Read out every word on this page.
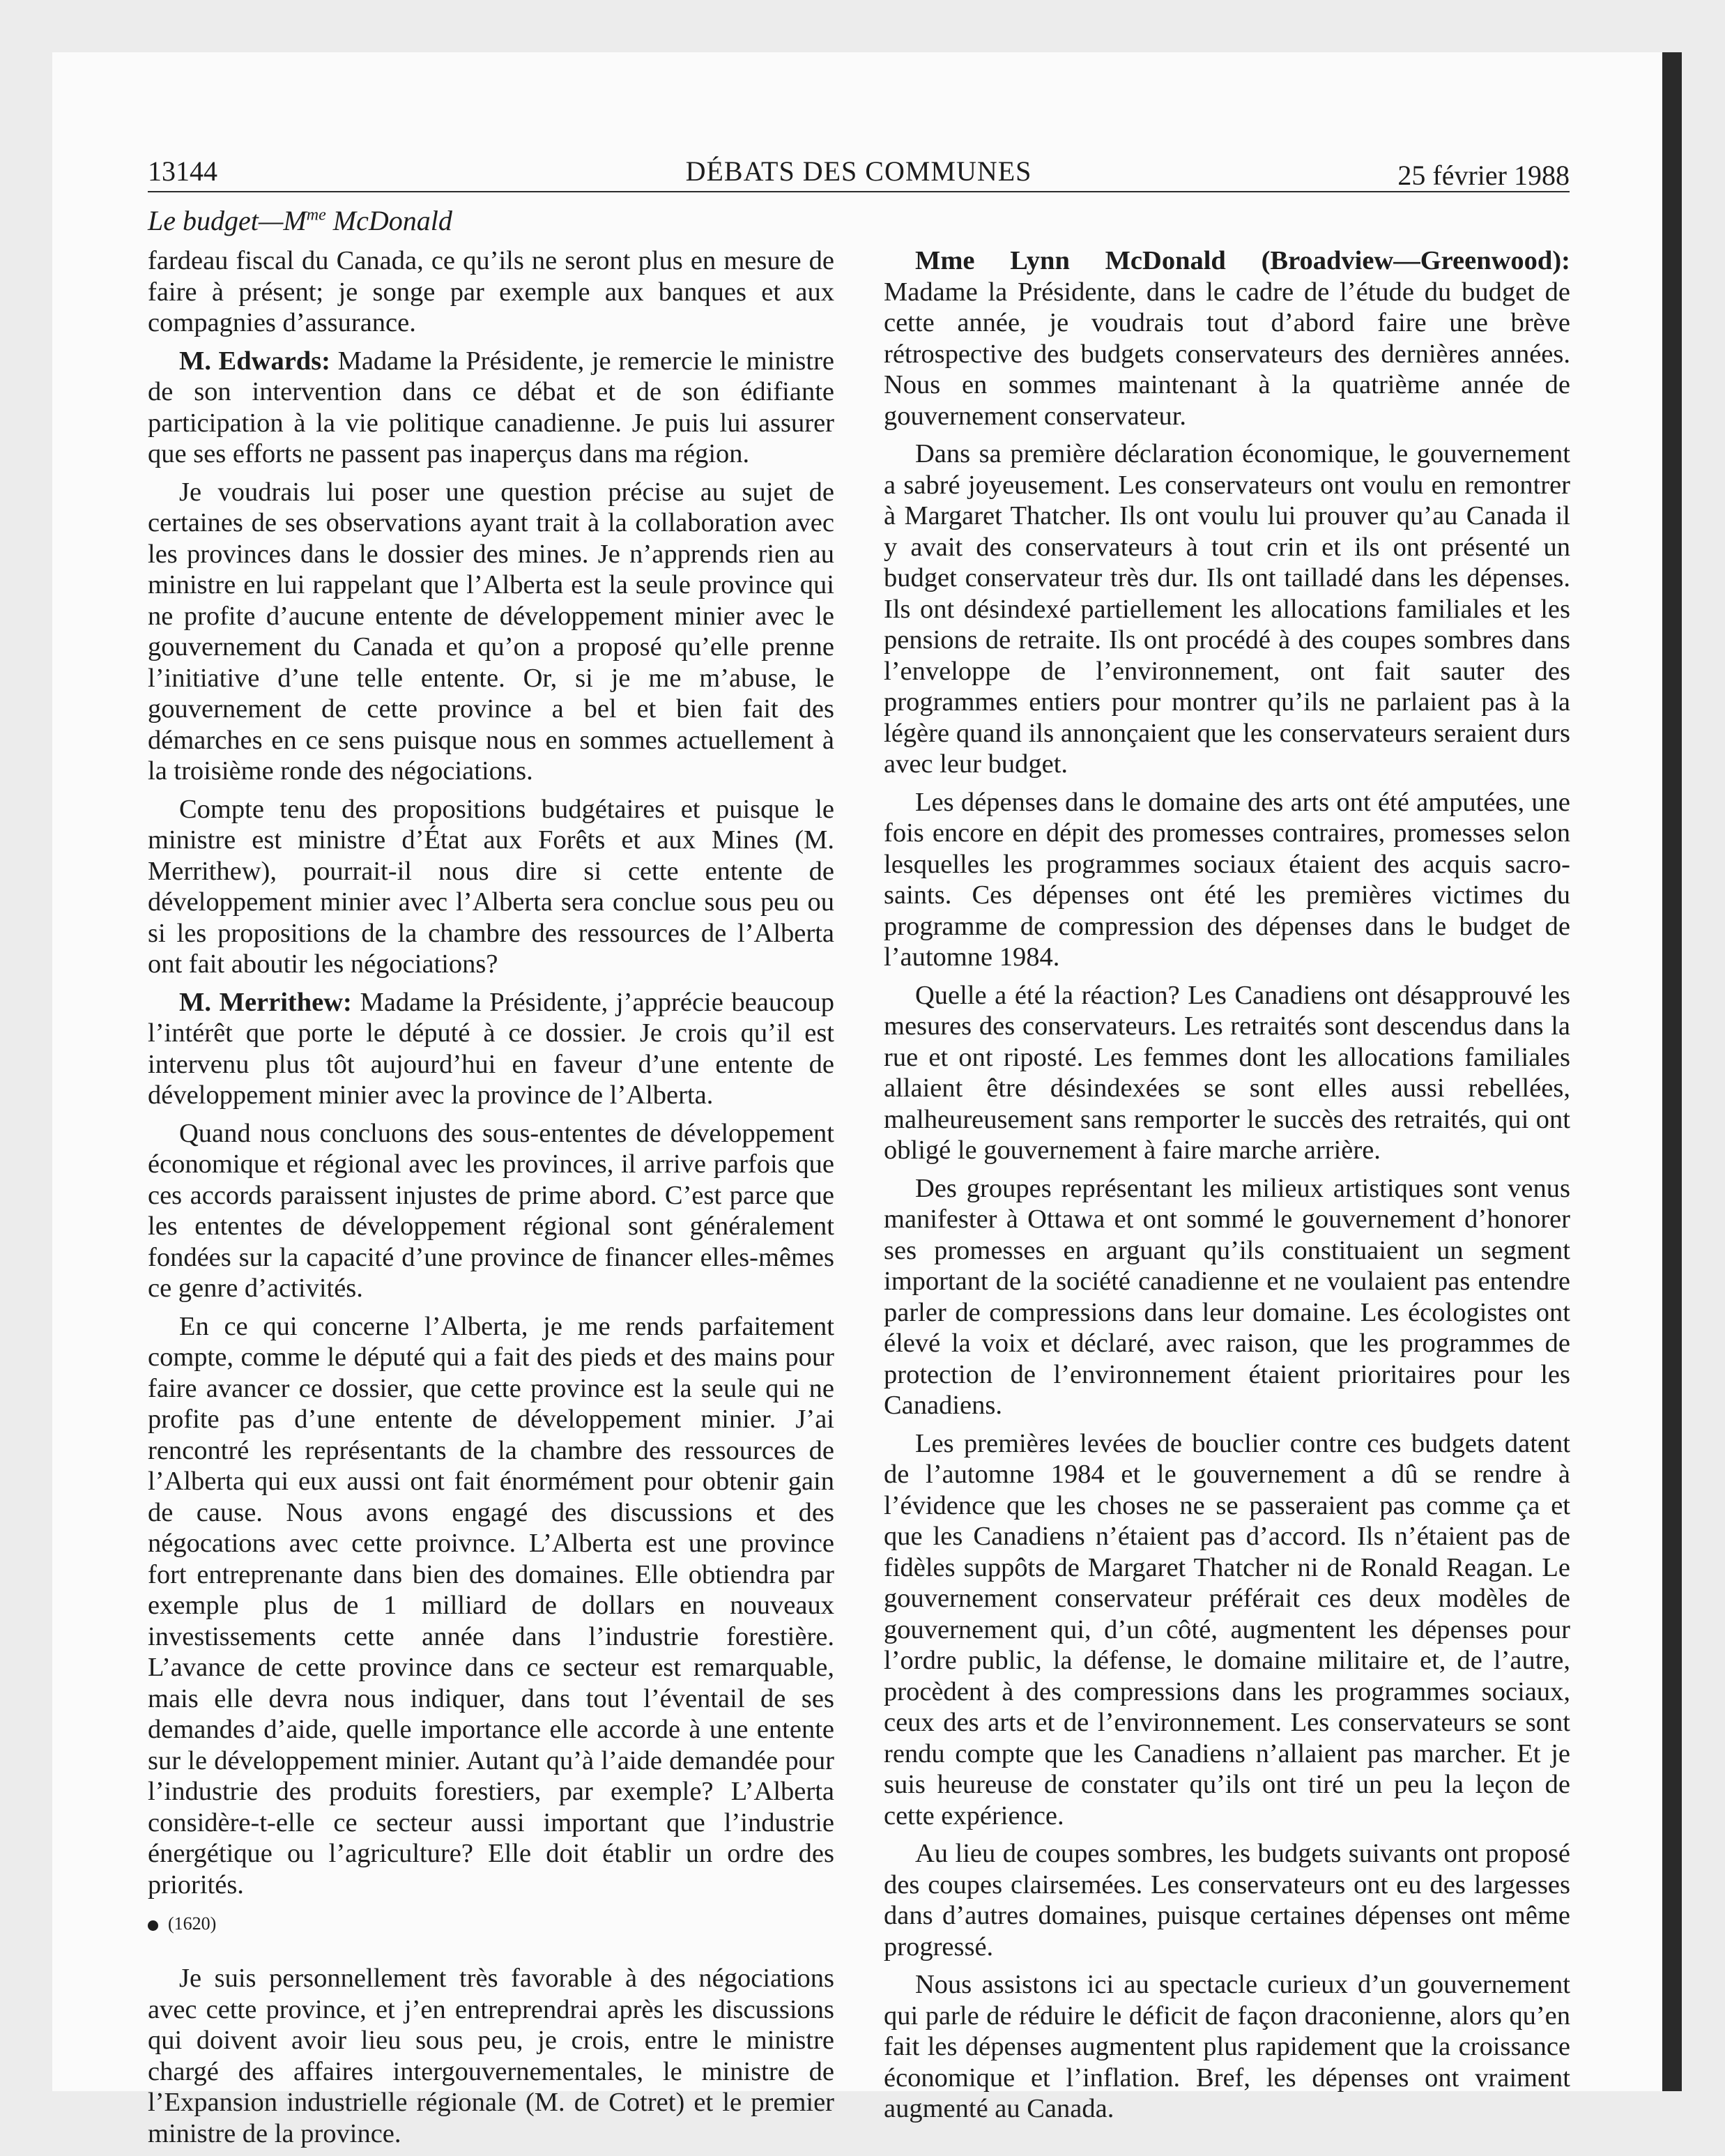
13144	DÉBATS DES COMMUNES	25 février 1988
Le $budget—M^{me}$ McDonald

fardeau fiscal du Canada, ce qu’ils ne seront plus en mesure de faire à présent; je songe par exemple aux banques et aux compagnies d’assurance.

M. Edwards: Madame la Présidente, je remercie le ministre de son intervention dans ce débat et de son édifiante participation à la vie politique canadienne. Je puis lui assurer que ses efforts ne passent pas inaperçus dans ma région.

Je voudrais lui poser une question précise au sujet de certaines de ses observations ayant trait à la collaboration avec les provinces dans le dossier des mines. Je n’apprends rien au ministre en lui rappelant que l’Alberta est la seule province qui ne profite d’aucune entente de développement minier avec le gouvernement du Canada et qu’on a proposé qu’elle prenne l’initiative d’une telle entente. Or, si je me m’abuse, le gouvernement de cette province a bel et bien fait des démarches en ce sens puisque nous en sommes actuellement à la troisième ronde des négociations.

Compte tenu des propositions budgétaires et puisque le ministre est ministre d’État aux Forêts et aux Mines (M. Merrithew), pourrait-il nous dire si cette entente de développement minier avec l’Alberta sera conclue sous peu ou si les propositions de la chambre des ressources de l’Alberta ont fait aboutir les négociations?

M. Merrithew: Madame la Présidente, j’apprécie beaucoup l’intérêt que porte le député à ce dossier. Je crois qu’il est intervenu plus tôt aujourd’hui en faveur d’une entente de développement minier avec la province de l’Alberta.

Quand nous concluons des sous-ententes de développement économique et régional avec les provinces, il arrive parfois que ces accords paraissent injustes de prime abord. C’est parce que les ententes de développement régional sont généralement fondées sur la capacité d’une province de financer elles-mêmes ce genre d’activités.

En ce qui concerne l’Alberta, je me rends parfaitement compte, comme le député qui a fait des pieds et des mains pour faire avancer ce dossier, que cette province est la seule qui ne profite pas d’une entente de développement minier. J’ai rencontré les représentants de la chambre des ressources de l’Alberta qui eux aussi ont fait énormément pour obtenir gain de cause. Nous avons engagé des discussions et des négocations avec cette proivnce. L’Alberta est une province fort entreprenante dans bien des domaines. Elle obtiendra par exemple plus de 1 milliard de dollars en nouveaux investissements cette année dans l’industrie forestière. L’avance de cette province dans ce secteur est remarquable, mais elle devra nous indiquer, dans tout l’éventail de ses demandes d’aide, quelle importance elle accorde à une entente sur le développement minier. Autant qu’à l’aide demandée pour l’industrie des produits forestiers, par exemple? L’Alberta considère-t-elle ce secteur aussi important que l’industrie énergétique ou l’agriculture? Elle doit établir un ordre des priorités.

(1620)

Je suis personnellement très favorable à des négociations avec cette province, et j’en entreprendrai après les discussions qui doivent avoir lieu sous peu, je crois, entre le ministre chargé des affaires intergouvernementales, le ministre de l’Expansion industrielle régionale (M. de Cotret) et le premier ministre de la province.

Mme Lynn McDonald (Broadview—Greenwood): Madame la Présidente, dans le cadre de l’étude du budget de cette année, je voudrais tout d’abord faire une brève rétrospective des budgets conservateurs des dernières années. Nous en sommes maintenant à la quatrième année de gouvernement conservateur.

Dans sa première déclaration économique, le gouvernement a sabré joyeusement. Les conservateurs ont voulu en remontrer à Margaret Thatcher. Ils ont voulu lui prouver qu’au Canada il y avait des conservateurs à tout crin et ils ont présenté un budget conservateur très dur. Ils ont tailladé dans les dépenses. Ils ont désindexé partiellement les allocations familiales et les pensions de retraite. Ils ont procédé à des coupes sombres dans l’enveloppe de l’environnement, ont fait sauter des programmes entiers pour montrer qu’ils ne parlaient pas à la légère quand ils annonçaient que les conservateurs seraient durs avec leur budget.

Les dépenses dans le domaine des arts ont été amputées, une fois encore en dépit des promesses contraires, promesses selon lesquelles les programmes sociaux étaient des acquis sacro-saints. Ces dépenses ont été les premières victimes du programme de compression des dépenses dans le budget de l’automne 1984.

Quelle a été la réaction? Les Canadiens ont désapprouvé les mesures des conservateurs. Les retraités sont descendus dans la rue et ont riposté. Les femmes dont les allocations familiales allaient être désindexées se sont elles aussi rebellées, malheureusement sans remporter le succès des retraités, qui ont obligé le gouvernement à faire marche arrière.

Des groupes représentant les milieux artistiques sont venus manifester à Ottawa et ont sommé le gouvernement d’honorer ses promesses en arguant qu’ils constituaient un segment important de la société canadienne et ne voulaient pas entendre parler de compressions dans leur domaine. Les écologistes ont élevé la voix et déclaré, avec raison, que les programmes de protection de l’environnement étaient prioritaires pour les Canadiens.

Les premières levées de bouclier contre ces budgets datent de l’automne 1984 et le gouvernement a dû se rendre à l’évidence que les choses ne se passeraient pas comme ça et que les Canadiens n’étaient pas d’accord. Ils n’étaient pas de fidèles suppôts de Margaret Thatcher ni de Ronald Reagan. Le gouvernement conservateur préférait ces deux modèles de gouvernement qui, d’un côté, augmentent les dépenses pour l’ordre public, la défense, le domaine militaire et, de l’autre, procèdent à des compressions dans les programmes sociaux, ceux des arts et de l’environnement. Les conservateurs se sont rendu compte que les Canadiens n’allaient pas marcher. Et je suis heureuse de constater qu’ils ont tiré un peu la leçon de cette expérience.

Au lieu de coupes sombres, les budgets suivants ont proposé des coupes clairsemées. Les conservateurs ont eu des largesses dans d’autres domaines, puisque certaines dépenses ont même progressé.

Nous assistons ici au spectacle curieux d’un gouvernement qui parle de réduire le déficit de façon draconienne, alors qu’en fait les dépenses augmentent plus rapidement que la croissance économique et l’inflation. Bref, les dépenses ont vraiment augmenté au Canada.
